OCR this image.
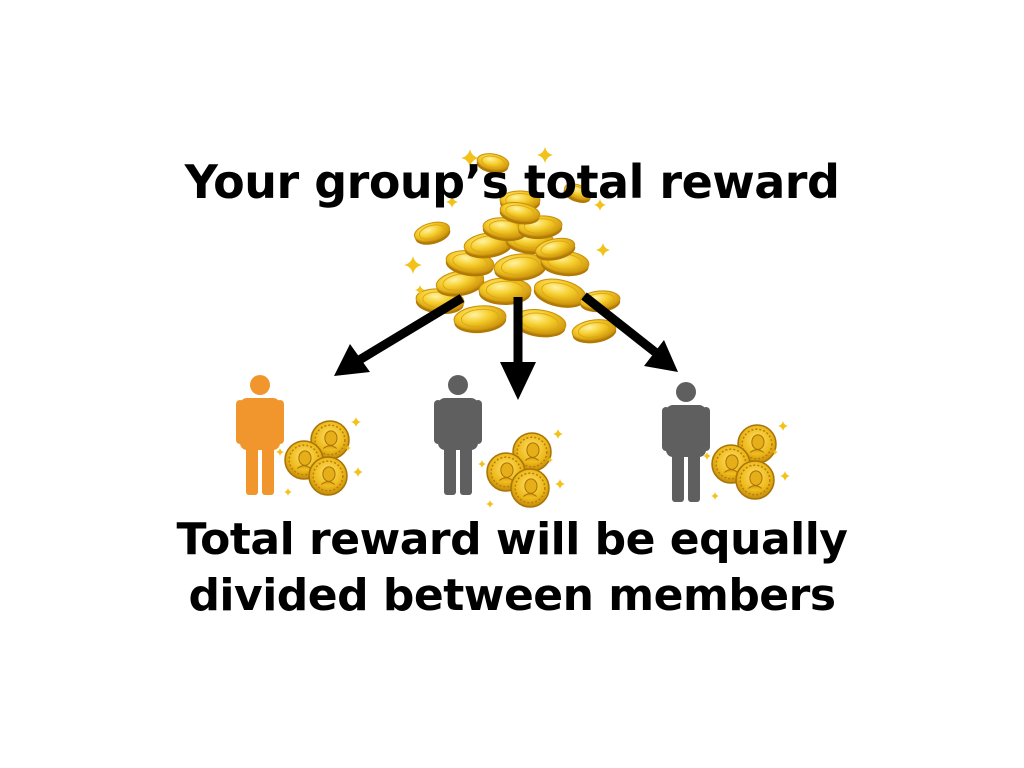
Your group’s total reward

Total reward will be equally
divided between members
